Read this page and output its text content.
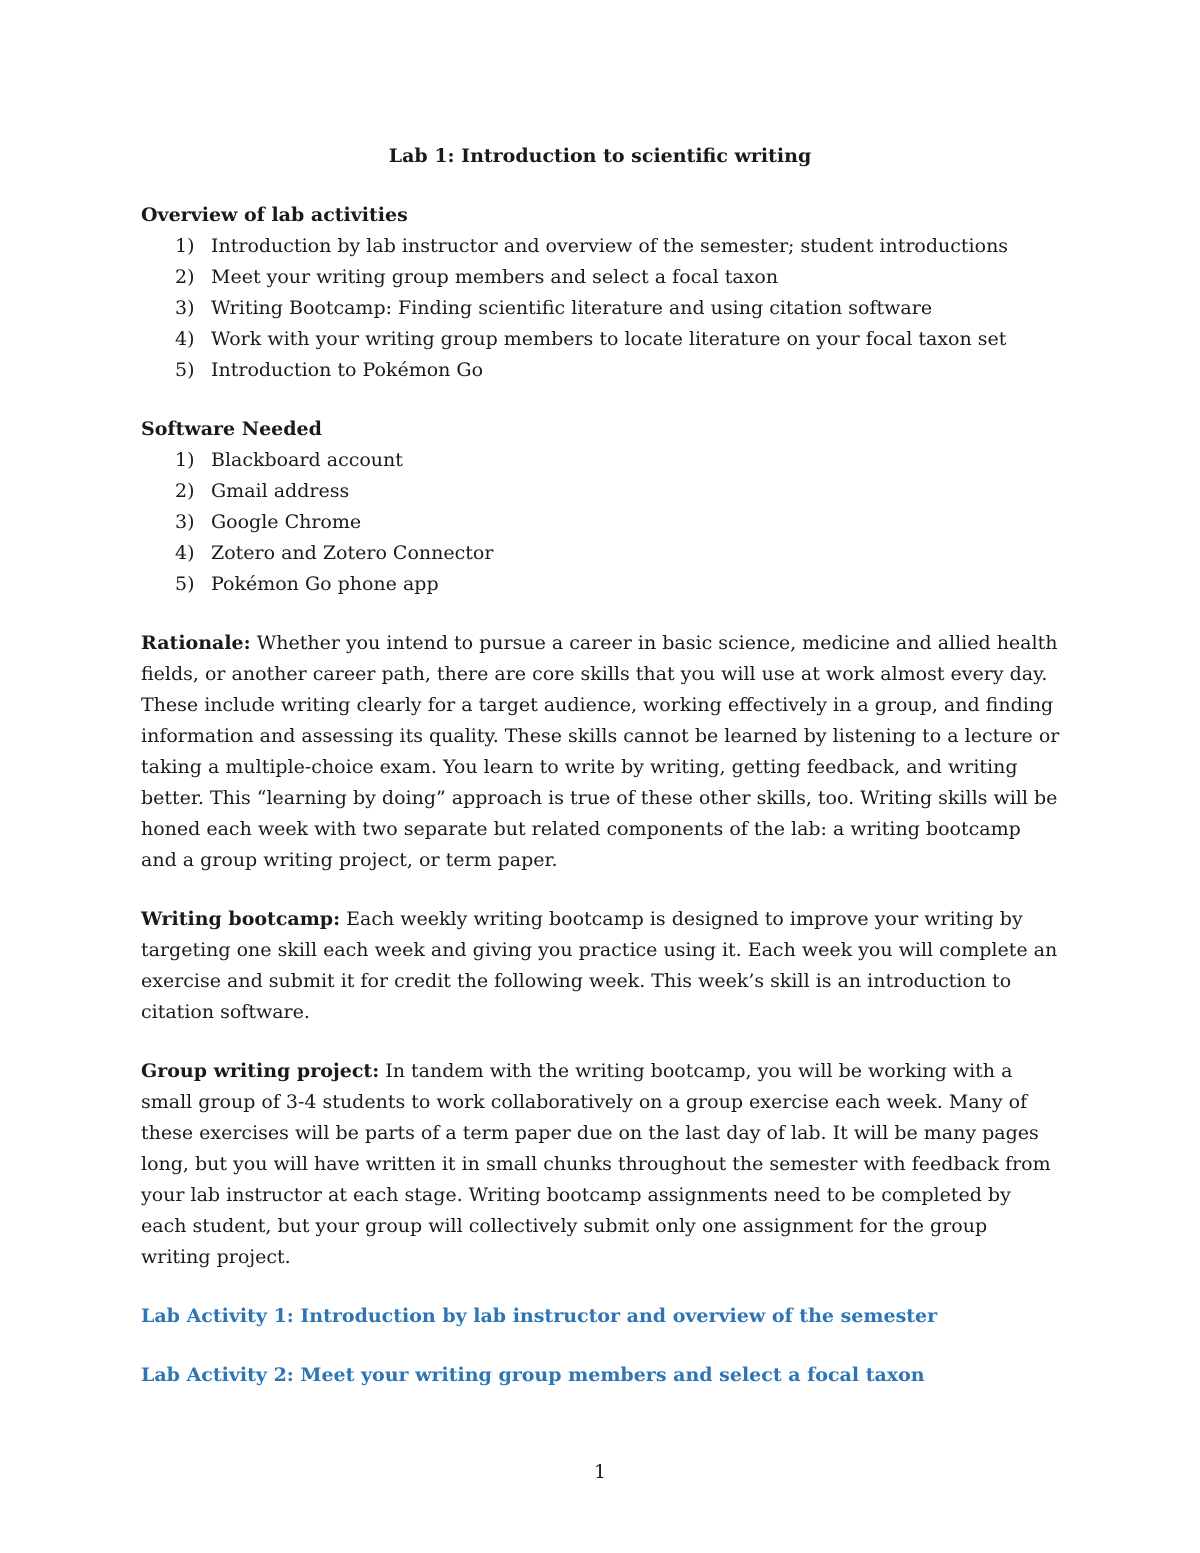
Lab 1: Introduction to scientific writing

Overview of lab activities

1) Introduction by lab instructor and overview of the semester; student introductions
2) Meet your writing group members and select a focal taxon
3) Writing Bootcamp: Finding scientific literature and using citation software
4) Work with your writing group members to locate literature on your focal taxon set
5) Introduction to Pokémon Go

Software Needed

1) Blackboard account
2) Gmail address
3) Google Chrome
4) Zotero and Zotero Connector
5) Pokémon Go phone app

Rationale: Whether you intend to pursue a career in basic science, medicine and allied health fields, or another career path, there are core skills that you will use at work almost every day. These include writing clearly for a target audience, working effectively in a group, and finding information and assessing its quality. These skills cannot be learned by listening to a lecture or taking a multiple-choice exam. You learn to write by writing, getting feedback, and writing better. This “learning by doing” approach is true of these other skills, too. Writing skills will be honed each week with two separate but related components of the lab: a writing bootcamp and a group writing project, or term paper.

Writing bootcamp: Each weekly writing bootcamp is designed to improve your writing by targeting one skill each week and giving you practice using it. Each week you will complete an exercise and submit it for credit the following week. This week’s skill is an introduction to citation software.

Group writing project: In tandem with the writing bootcamp, you will be working with a small group of 3-4 students to work collaboratively on a group exercise each week. Many of these exercises will be parts of a term paper due on the last day of lab. It will be many pages long, but you will have written it in small chunks throughout the semester with feedback from your lab instructor at each stage. Writing bootcamp assignments need to be completed by each student, but your group will collectively submit only one assignment for the group writing project.

Lab Activity 1: Introduction by lab instructor and overview of the semester

Lab Activity 2: Meet your writing group members and select a focal taxon

1
